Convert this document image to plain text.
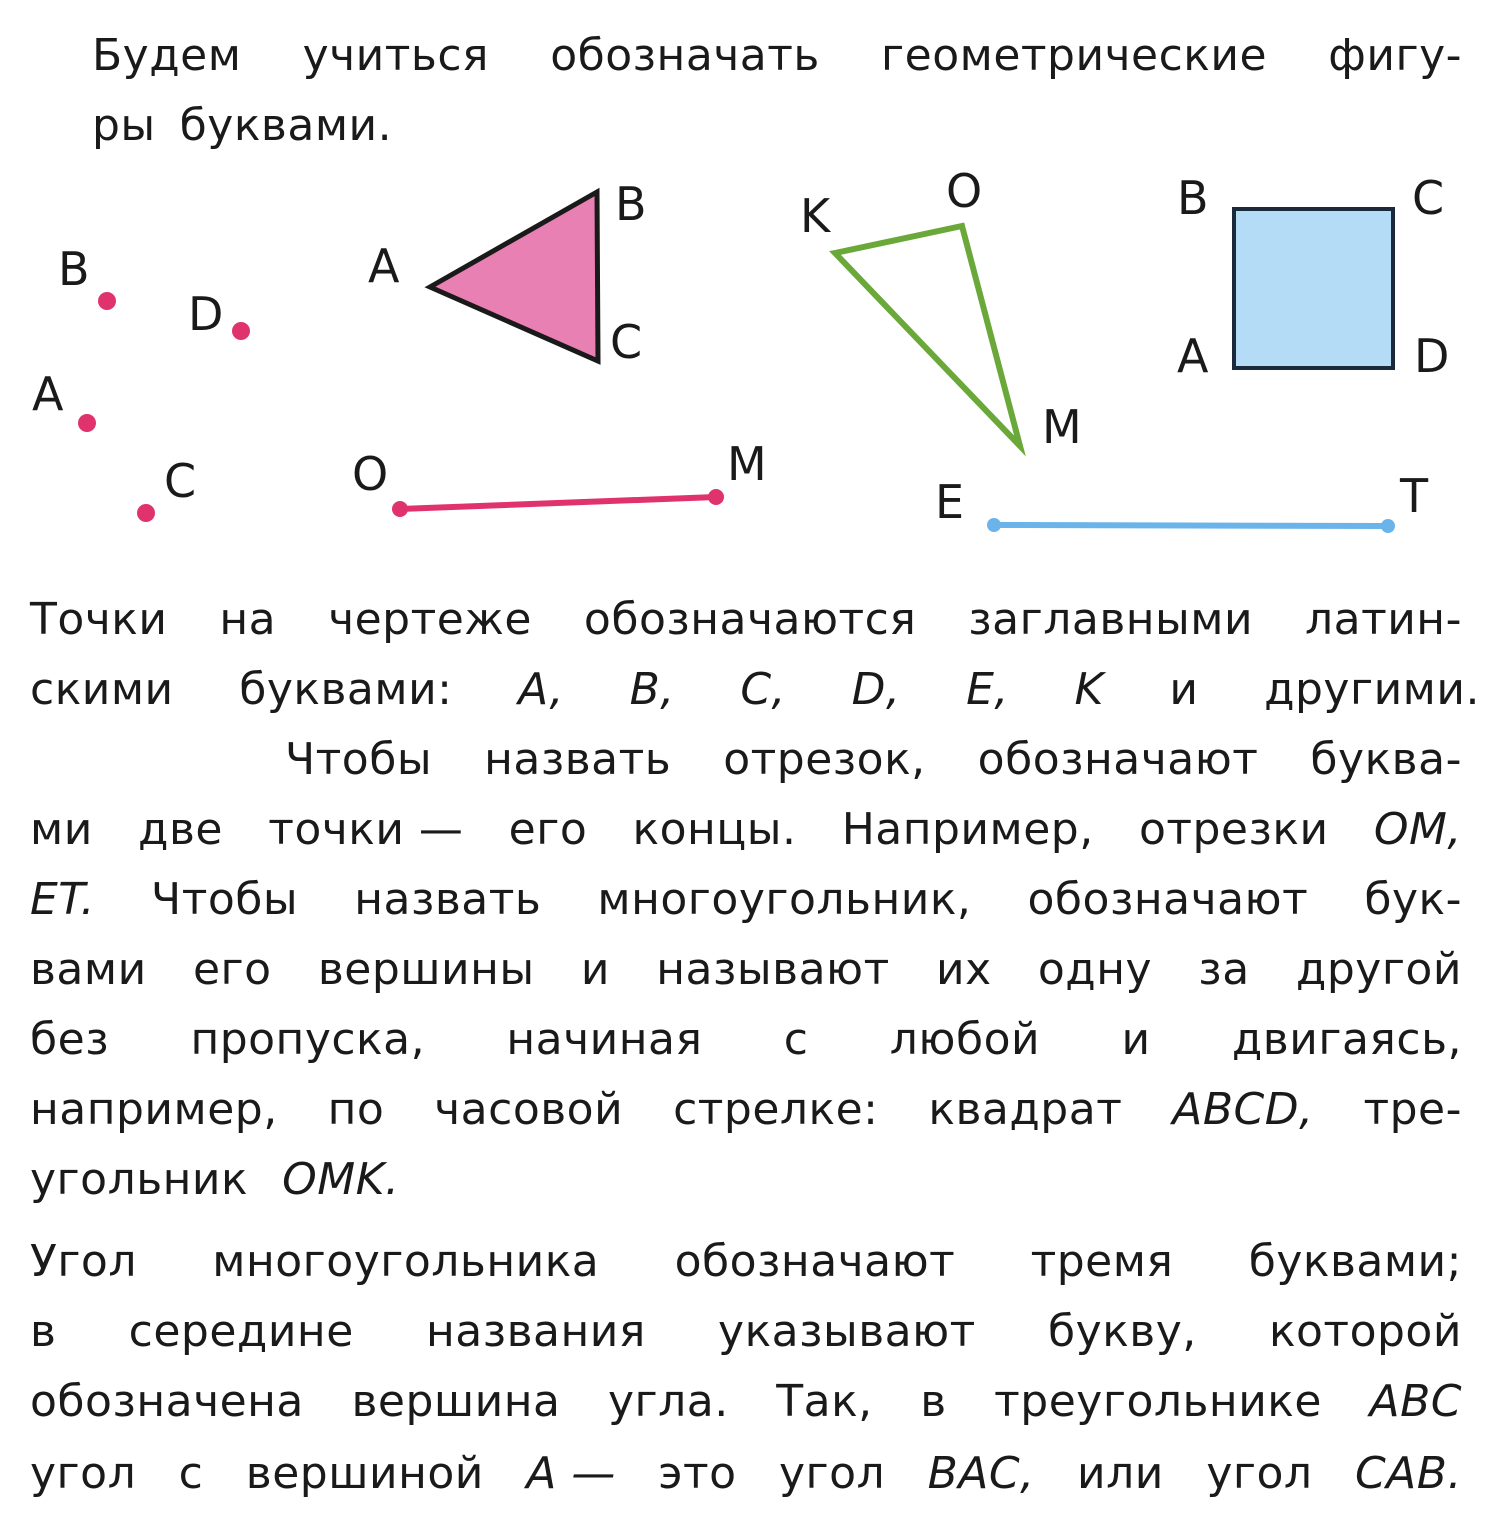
Будем учиться обозначать геометрические фигу-
ры буквами.
B
D
A
C
A
B
C
O	M
K	O
M
E	T
B	C
A	D
Точки на чертеже обозначаются заглавными латин-
скими буквами: A, B, C, D, E, K и другими.
Чтобы назвать отрезок, обозначают буква-
ми две точки — его концы. Например, отрезки OM,
ET. Чтобы назвать многоугольник, обозначают бук-
вами его вершины и называют их одну за другой
без пропуска, начиная с любой и двигаясь,
например, по часовой стрелке: квадрат ABCD, тре-
угольник OMK.
Угол многоугольника обозначают тремя буквами;
в середине названия указывают букву, которой
обозначена вершина угла. Так, в треугольнике ABC
угол с вершиной A — это угол BAC, или угол CAB.
